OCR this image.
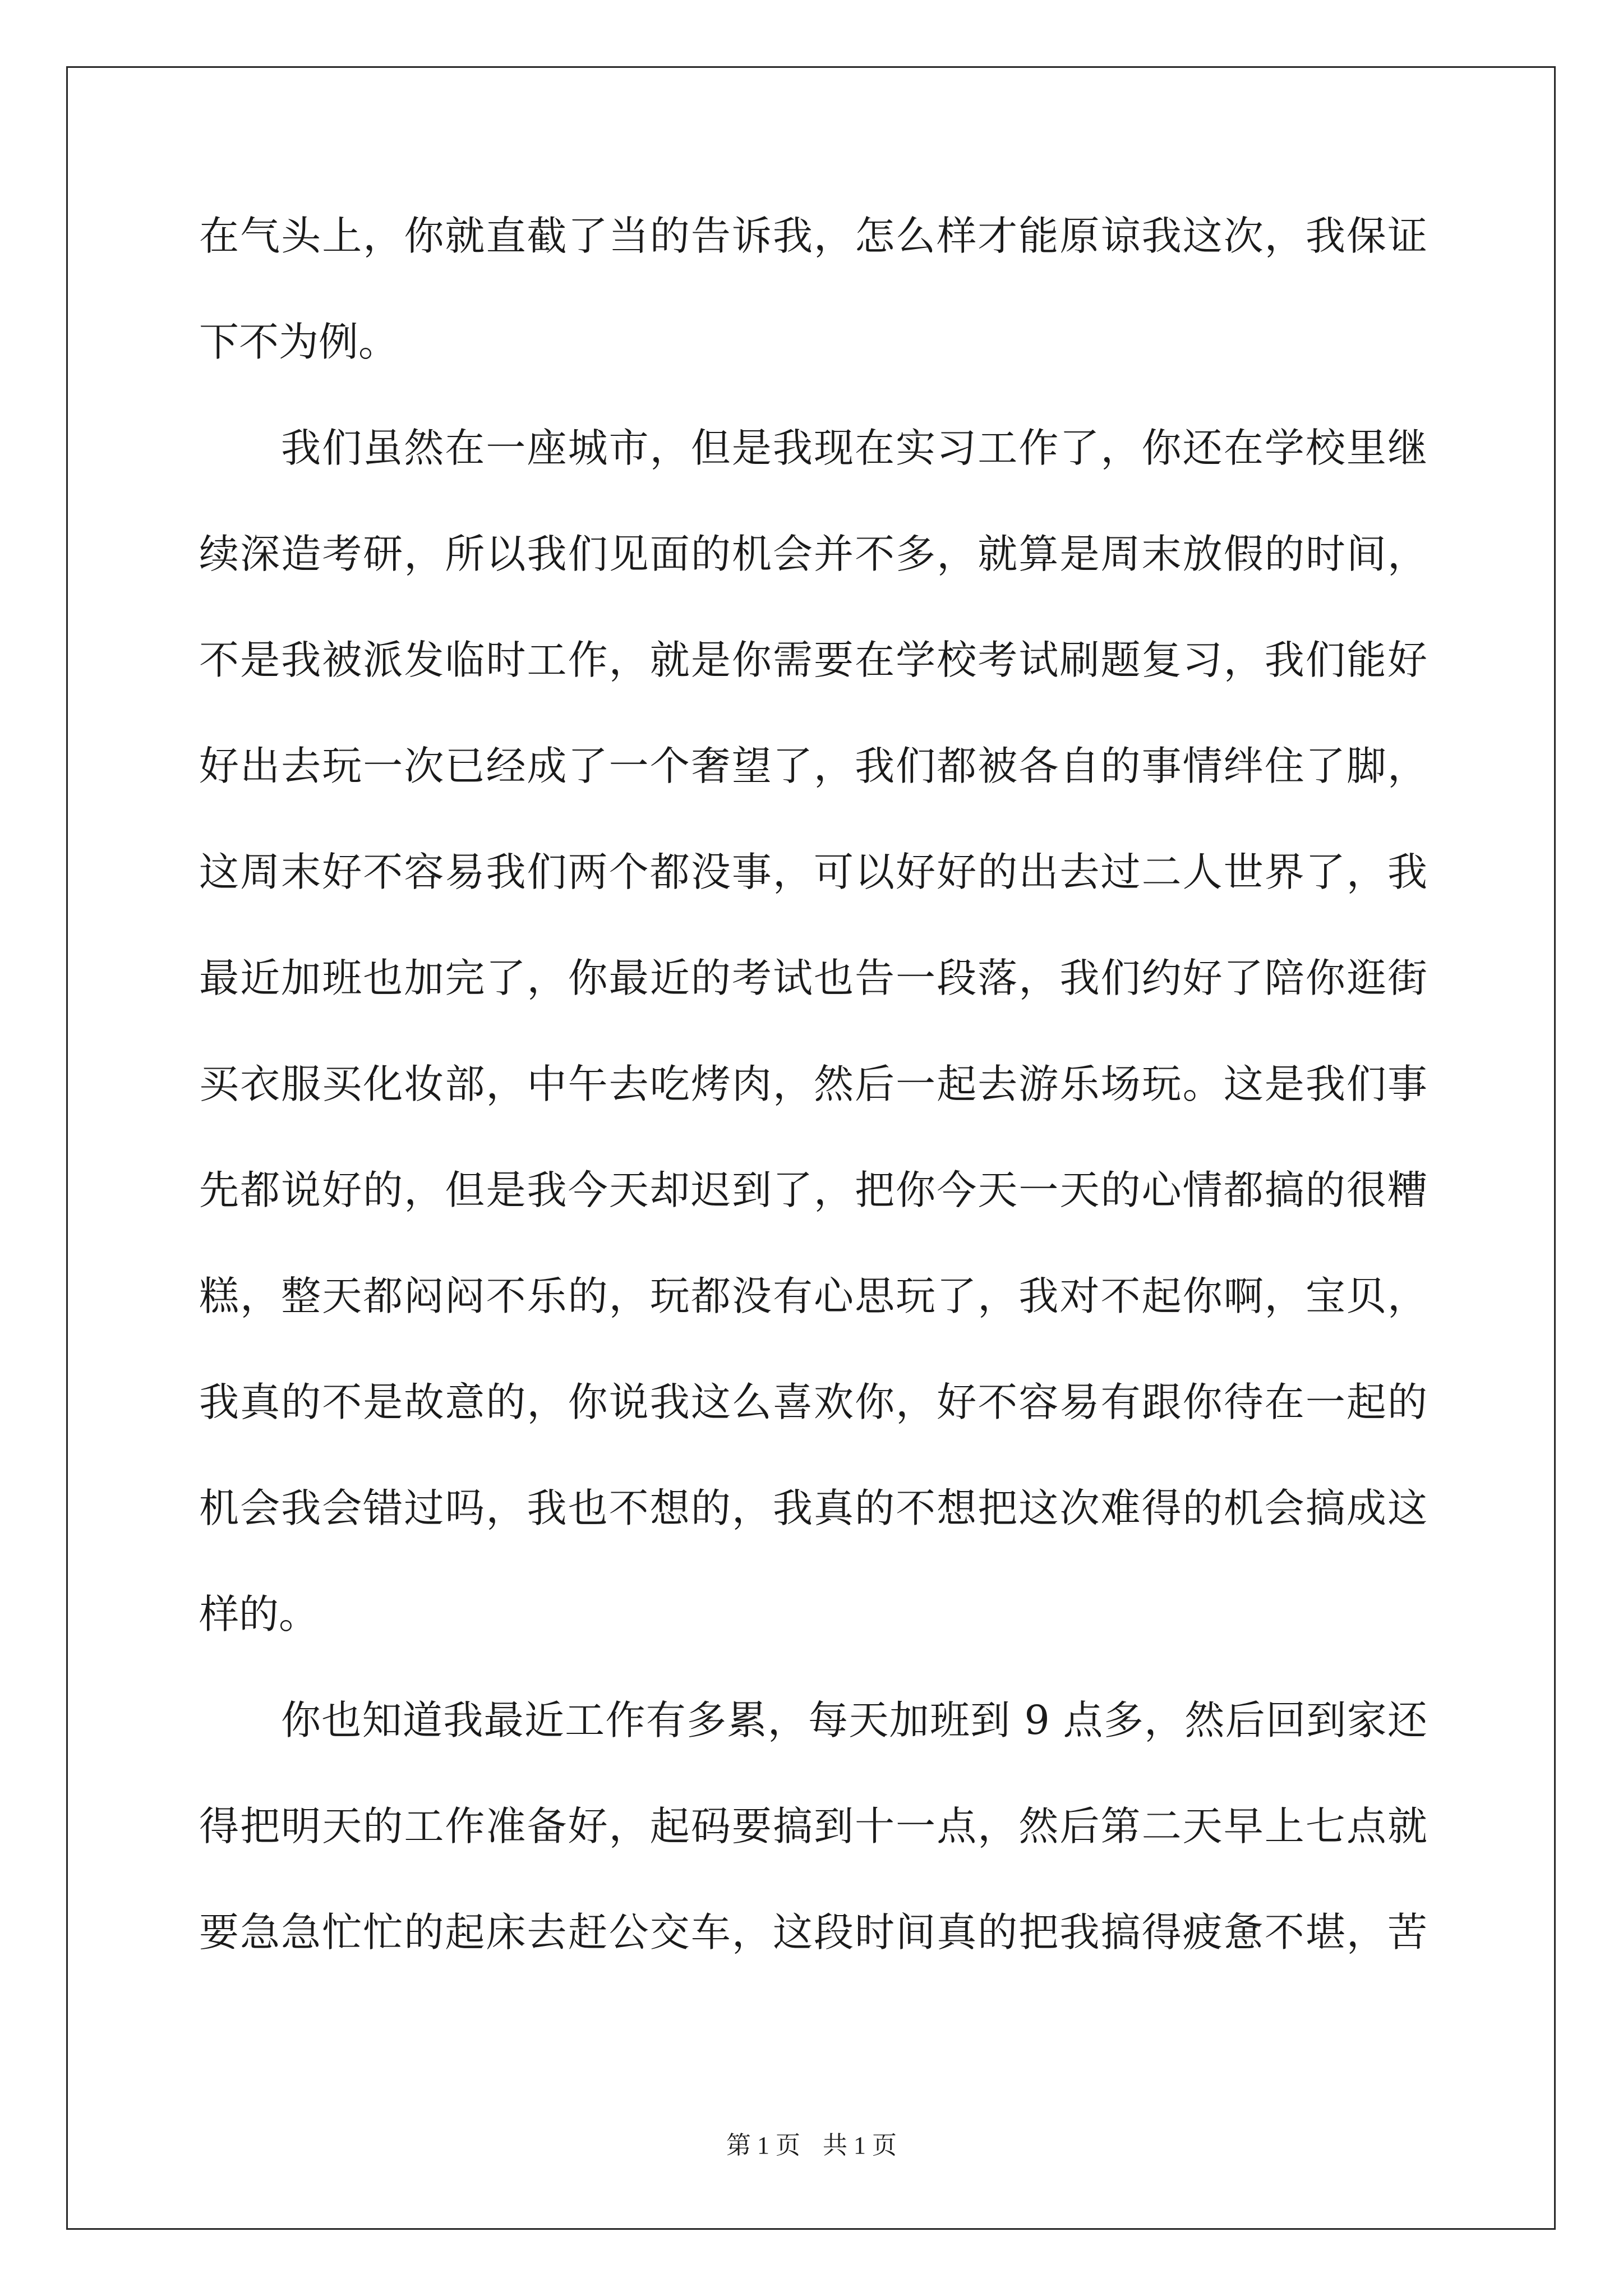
在气头上，你就直截了当的告诉我，怎么样才能原谅我这次，我保证
下不为例。
我们虽然在一座城市，但是我现在实习工作了，你还在学校里继
续深造考研，所以我们见面的机会并不多，就算是周末放假的时间，
不是我被派发临时工作，就是你需要在学校考试刷题复习，我们能好
好出去玩一次已经成了一个奢望了，我们都被各自的事情绊住了脚，
这周末好不容易我们两个都没事，可以好好的出去过二人世界了，我
最近加班也加完了，你最近的考试也告一段落，我们约好了陪你逛街
买衣服买化妆部，中午去吃烤肉，然后一起去游乐场玩。这是我们事
先都说好的，但是我今天却迟到了，把你今天一天的心情都搞的很糟
糕，整天都闷闷不乐的，玩都没有心思玩了，我对不起你啊，宝贝，
我真的不是故意的，你说我这么喜欢你，好不容易有跟你待在一起的
机会我会错过吗，我也不想的，我真的不想把这次难得的机会搞成这
样的。
你也知道我最近工作有多累，每天加班到 9 点多，然后回到家还
得把明天的工作准备好，起码要搞到十一点，然后第二天早上七点就
要急急忙忙的起床去赶公交车，这段时间真的把我搞得疲惫不堪，苦
第 1 页 共 1 页
